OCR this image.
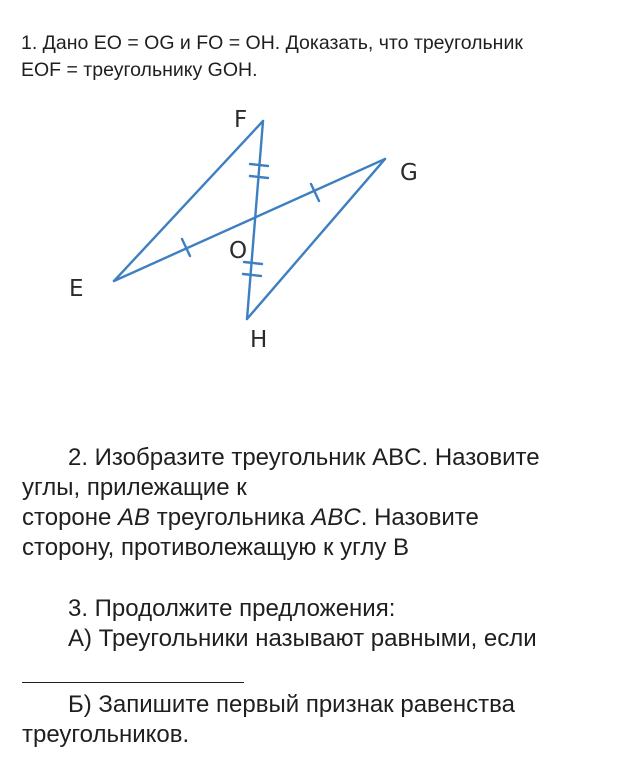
1. Дано EO = OG и FO = OH. Доказать, что треугольник

EOF = треугольнику GOH.

F
G
O
E
H

2. Изобразите треугольник ABC. Назовите

углы, прилежащие к

стороне AB треугольника ABC. Назовите

сторону, противолежащую к углу B

3. Продолжите предложения:

А) Треугольники называют равными, если

Б) Запишите первый признак равенства

треугольников.
